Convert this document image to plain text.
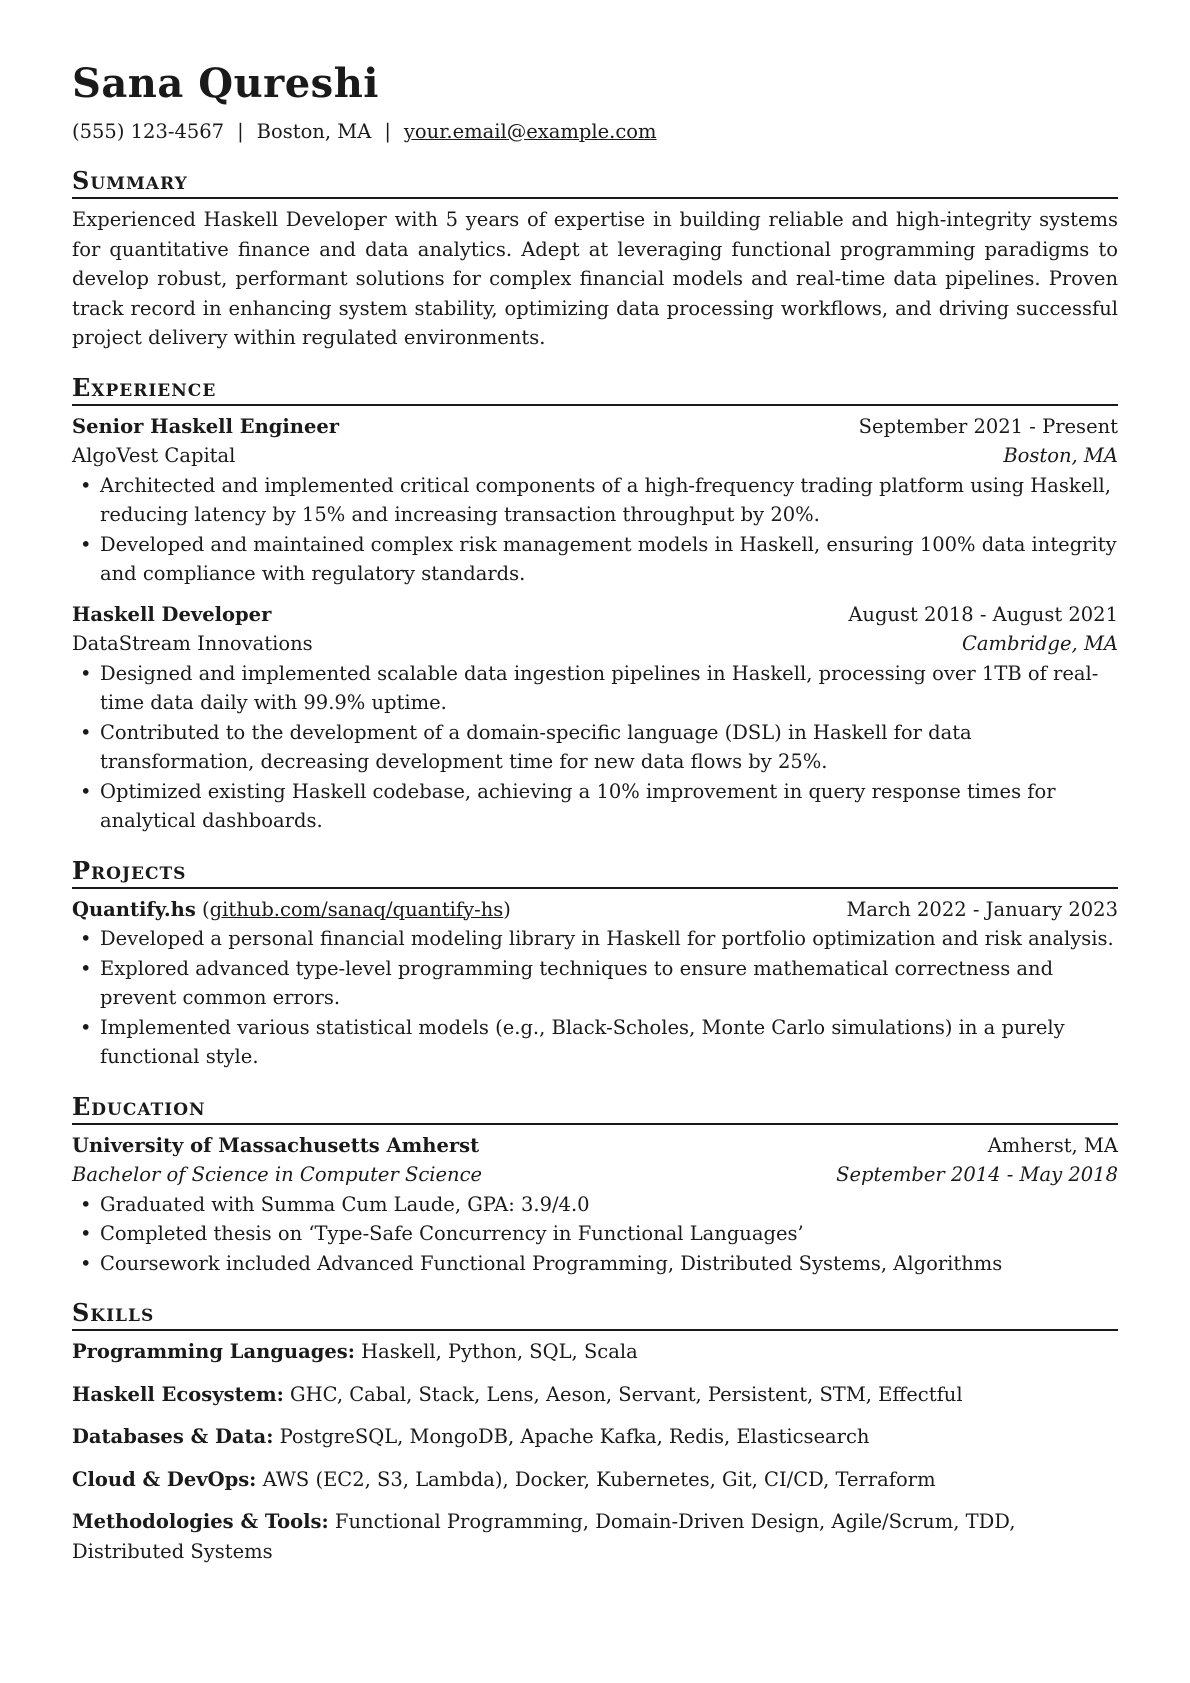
Sana Qureshi
(555) 123-4567 | Boston, MA | your.email@example.com
Summary
Experienced Haskell Developer with 5 years of expertise in building reliable and high-integrity systems for quantitative finance and data analytics. Adept at leveraging functional programming paradigms to develop robust, performant solutions for complex financial models and real-time data pipelines. Proven track record in enhancing system stability, optimizing data processing workflows, and driving successful project delivery within regulated environments.
Experience
Senior Haskell Engineer	September 2021 - Present
AlgoVest Capital	Boston, MA
• Architected and implemented critical components of a high-frequency trading platform using Haskell, reducing latency by 15% and increasing transaction throughput by 20%.
• Developed and maintained complex risk management models in Haskell, ensuring 100% data integrity and compliance with regulatory standards.
Haskell Developer	August 2018 - August 2021
DataStream Innovations	Cambridge, MA
• Designed and implemented scalable data ingestion pipelines in Haskell, processing over 1TB of real-time data daily with 99.9% uptime.
• Contributed to the development of a domain-specific language (DSL) in Haskell for data transformation, decreasing development time for new data flows by 25%.
• Optimized existing Haskell codebase, achieving a 10% improvement in query response times for analytical dashboards.
Projects
Quantify.hs (github.com/sanaq/quantify-hs)	March 2022 - January 2023
• Developed a personal financial modeling library in Haskell for portfolio optimization and risk analysis.
• Explored advanced type-level programming techniques to ensure mathematical correctness and prevent common errors.
• Implemented various statistical models (e.g., Black-Scholes, Monte Carlo simulations) in a purely functional style.
Education
University of Massachusetts Amherst	Amherst, MA
Bachelor of Science in Computer Science	September 2014 - May 2018
• Graduated with Summa Cum Laude, GPA: 3.9/4.0
• Completed thesis on ‘Type-Safe Concurrency in Functional Languages’
• Coursework included Advanced Functional Programming, Distributed Systems, Algorithms
Skills
Programming Languages: Haskell, Python, SQL, Scala
Haskell Ecosystem: GHC, Cabal, Stack, Lens, Aeson, Servant, Persistent, STM, Effectful
Databases & Data: PostgreSQL, MongoDB, Apache Kafka, Redis, Elasticsearch
Cloud & DevOps: AWS (EC2, S3, Lambda), Docker, Kubernetes, Git, CI/CD, Terraform
Methodologies & Tools: Functional Programming, Domain-Driven Design, Agile/Scrum, TDD, Distributed Systems
